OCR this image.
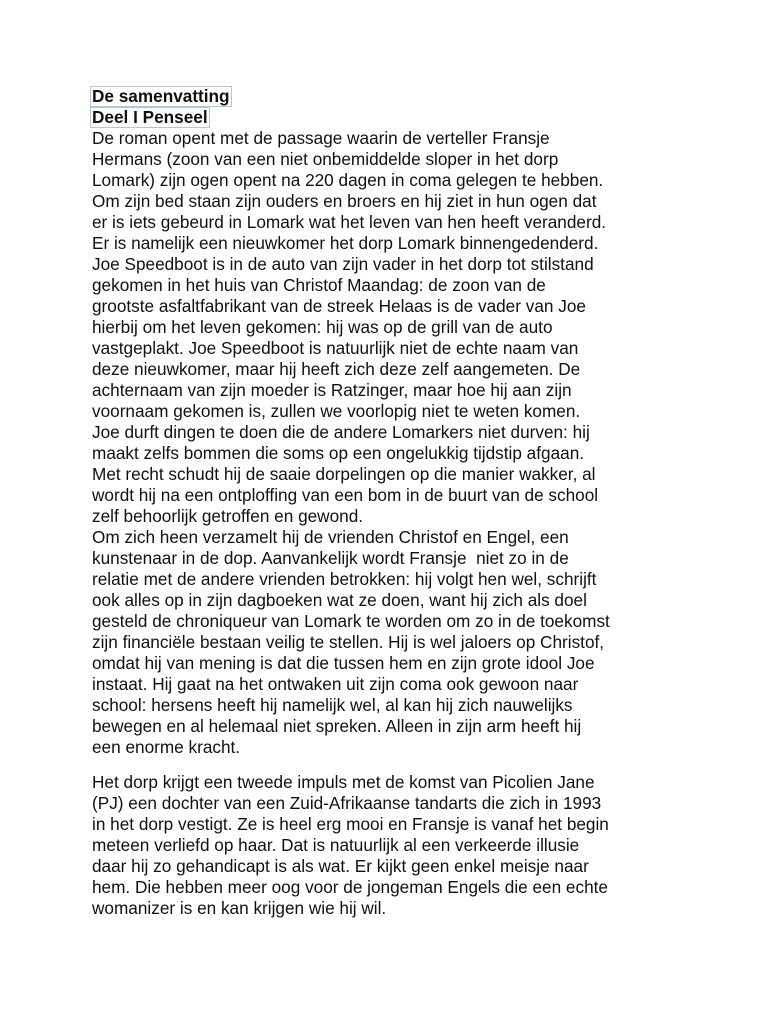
De samenvatting
Deel I Penseel
De roman opent met de passage waarin de verteller Fransje
Hermans (zoon van een niet onbemiddelde sloper in het dorp
Lomark) zijn ogen opent na 220 dagen in coma gelegen te hebben.
Om zijn bed staan zijn ouders en broers en hij ziet in hun ogen dat
er is iets gebeurd in Lomark wat het leven van hen heeft veranderd.
Er is namelijk een nieuwkomer het dorp Lomark binnengedenderd.
Joe Speedboot is in de auto van zijn vader in het dorp tot stilstand
gekomen in het huis van Christof Maandag: de zoon van de
grootste asfaltfabrikant van de streek Helaas is de vader van Joe
hierbij om het leven gekomen: hij was op de grill van de auto
vastgeplakt. Joe Speedboot is natuurlijk niet de echte naam van
deze nieuwkomer, maar hij heeft zich deze zelf aangemeten. De
achternaam van zijn moeder is Ratzinger, maar hoe hij aan zijn
voornaam gekomen is, zullen we voorlopig niet te weten komen.
Joe durft dingen te doen die de andere Lomarkers niet durven: hij
maakt zelfs bommen die soms op een ongelukkig tijdstip afgaan.
Met recht schudt hij de saaie dorpelingen op die manier wakker, al
wordt hij na een ontploffing van een bom in de buurt van de school
zelf behoorlijk getroffen en gewond.
Om zich heen verzamelt hij de vrienden Christof en Engel, een
kunstenaar in de dop. Aanvankelijk wordt Fransje  niet zo in de
relatie met de andere vrienden betrokken: hij volgt hen wel, schrijft
ook alles op in zijn dagboeken wat ze doen, want hij zich als doel
gesteld de chroniqueur van Lomark te worden om zo in de toekomst
zijn financiële bestaan veilig te stellen. Hij is wel jaloers op Christof,
omdat hij van mening is dat die tussen hem en zijn grote idool Joe
instaat. Hij gaat na het ontwaken uit zijn coma ook gewoon naar
school: hersens heeft hij namelijk wel, al kan hij zich nauwelijks
bewegen en al helemaal niet spreken. Alleen in zijn arm heeft hij
een enorme kracht.
Het dorp krijgt een tweede impuls met de komst van Picolien Jane
(PJ) een dochter van een Zuid-Afrikaanse tandarts die zich in 1993
in het dorp vestigt. Ze is heel erg mooi en Fransje is vanaf het begin
meteen verliefd op haar. Dat is natuurlijk al een verkeerde illusie
daar hij zo gehandicapt is als wat. Er kijkt geen enkel meisje naar
hem. Die hebben meer oog voor de jongeman Engels die een echte
womanizer is en kan krijgen wie hij wil.
